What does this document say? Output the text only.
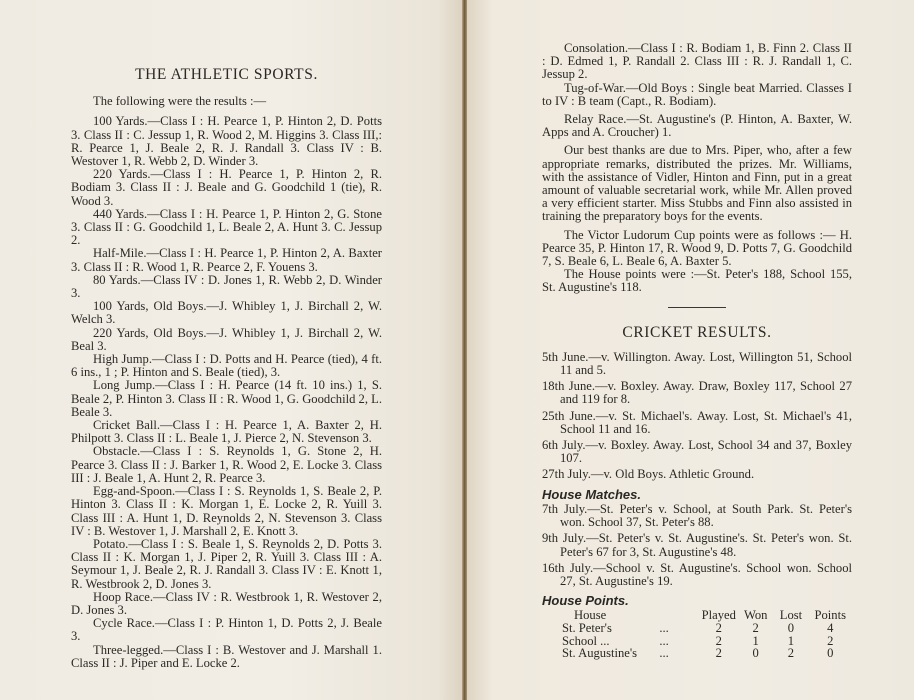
THE ATHLETIC SPORTS.

The following were the results :—

100 Yards.—Class I : H. Pearce 1, P. Hinton 2, D. Potts 3. Class II : C. Jessup 1, R. Wood 2, M. Higgins 3. Class III,: R. Pearce 1, J. Beale 2, R. J. Randall 3. Class IV : B. Westover 1, R. Webb 2, D. Winder 3.

220 Yards.—Class I : H. Pearce 1, P. Hinton 2, R. Bodiam 3. Class II : J. Beale and G. Goodchild 1 (tie), R. Wood 3.

440 Yards.—Class I : H. Pearce 1, P. Hinton 2, G. Stone 3. Class II : G. Goodchild 1, L. Beale 2, A. Hunt 3. C. Jessup 2.

Half-Mile.—Class I : H. Pearce 1, P. Hinton 2, A. Baxter 3. Class II : R. Wood 1, R. Pearce 2, F. Youens 3.

80 Yards.—Class IV : D. Jones 1, R. Webb 2, D. Winder 3.

100 Yards, Old Boys.—J. Whibley 1, J. Birchall 2, W. Welch 3.

220 Yards, Old Boys.—J. Whibley 1, J. Birchall 2, W. Beal 3.

High Jump.—Class I : D. Potts and H. Pearce (tied), 4 ft. 6 ins., 1 ; P. Hinton and S. Beale (tied), 3.

Long Jump.—Class I : H. Pearce (14 ft. 10 ins.) 1, S. Beale 2, P. Hinton 3. Class II : R. Wood 1, G. Goodchild 2, L. Beale 3.

Cricket Ball.—Class I : H. Pearce 1, A. Baxter 2, H. Philpott 3. Class II : L. Beale 1, J. Pierce 2, N. Stevenson 3.

Obstacle.—Class I : S. Reynolds 1, G. Stone 2, H. Pearce 3. Class II : J. Barker 1, R. Wood 2, E. Locke 3. Class III : J. Beale 1, A. Hunt 2, R. Pearce 3.

Egg-and-Spoon.—Class I : S. Reynolds 1, S. Beale 2, P. Hinton 3. Class II : K. Morgan 1, E. Locke 2, R. Yuill 3. Class III : A. Hunt 1, D. Reynolds 2, N. Stevenson 3. Class IV : B. Westover 1, J. Marshall 2, E. Knott 3.

Potato.—Class I : S. Beale 1, S. Reynolds 2, D. Potts 3. Class II : K. Morgan 1, J. Piper 2, R. Yuill 3. Class III : A. Seymour 1, J. Beale 2, R. J. Randall 3. Class IV : E. Knott 1, R. Westbrook 2, D. Jones 3.

Hoop Race.—Class IV : R. Westbrook 1, R. Westover 2, D. Jones 3.

Cycle Race.—Class I : P. Hinton 1, D. Potts 2, J. Beale 3.

Three-legged.—Class I : B. Westover and J. Marshall 1. Class II : J. Piper and E. Locke 2.

Consolation.—Class I : R. Bodiam 1, B. Finn 2. Class II : D. Edmed 1, P. Randall 2. Class III : R. J. Randall 1, C. Jessup 2.

Tug-of-War.—Old Boys : Single beat Married. Classes I to IV : B team (Capt., R. Bodiam).

Relay Race.—St. Augustine's (P. Hinton, A. Baxter, W. Apps and A. Croucher) 1.

Our best thanks are due to Mrs. Piper, who, after a few appropriate remarks, distributed the prizes. Mr. Williams, with the assistance of Vidler, Hinton and Finn, put in a great amount of valuable secretarial work, while Mr. Allen proved a very efficient starter. Miss Stubbs and Finn also assisted in training the preparatory boys for the events.

The Victor Ludorum Cup points were as follows :— H. Pearce 35, P. Hinton 17, R. Wood 9, D. Potts 7, G. Goodchild 7, S. Beale 6, L. Beale 6, A. Baxter 5.

The House points were :—St. Peter's 188, School 155, St. Augustine's 118.

CRICKET RESULTS.
5th June.—v. Willington. Away. Lost, Willington 51, School 11 and 5.
18th June.—v. Boxley. Away. Draw, Boxley 117, School 27 and 119 for 8.
25th June.—v. St. Michael's. Away. Lost, St. Michael's 41, School 11 and 16.
6th July.—v. Boxley. Away. Lost, School 34 and 37, Boxley 107.
27th July.—v. Old Boys. Athletic Ground.
House Matches.
7th July.—St. Peter's v. School, at South Park. St. Peter's won. School 37, St. Peter's 88.
9th July.—St. Peter's v. St. Augustine's. St. Peter's won. St. Peter's 67 for 3, St. Augustine's 48.
16th July.—School v. St. Augustine's. School won. School 27, St. Augustine's 19.
House Points.
House		Played	Won	Lost	Points
St. Peter's	...	2	2	0	4
School ...	...	2	1	1	2
St. Augustine's	...	2	0	2	0
